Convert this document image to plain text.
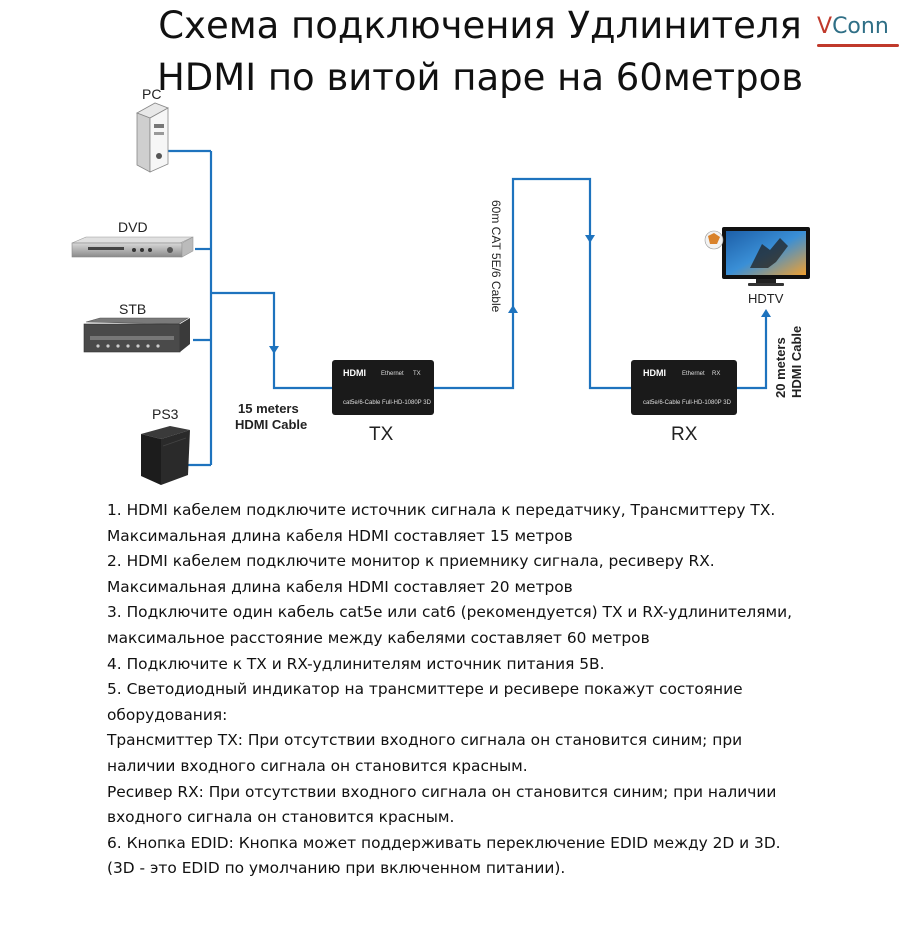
Схема подключения Удлинителя
HDMI по витой паре на 60метров
VConn
PC
DVD
STB
PS3	15 meters
HDMI Cable
60m CAT 5E/6 Cable
20 meters HDMI Cable
HDMI	Ethernet TX
cat5e/6-Cable Full-HD-1080P 3D
TX
HDMI	Ethernet RX
cat5e/6-Cable Full-HD-1080P 3D
RX
HDTV

1. HDMI кабелем подключите источник сигнала к передатчику, Трансмиттеру TX. Максимальная длина кабеля HDMI составляет 15 метров

2. HDMI кабелем подключите монитор к приемнику сигнала, ресиверу RX. Максимальная длина кабеля HDMI составляет 20 метров

3. Подключите один кабель cat5e или cat6 (рекомендуется) TX и RX-удлинителями, максимальное расстояние между кабелями составляет 60 метров

4. Подключите к TX и RX-удлинителям источник питания 5В.

5. Светодиодный индикатор на трансмиттере и ресивере покажут состояние оборудования:

Трансмиттер TX: При отсутствии входного сигнала он становится синим; при наличии входного сигнала он становится красным.

Ресивер RX: При отсутствии входного сигнала он становится синим; при наличии входного сигнала он становится красным.

6. Кнопка EDID: Кнопка может поддерживать переключение EDID между 2D и 3D. (3D - это EDID по умолчанию при включенном питании).
